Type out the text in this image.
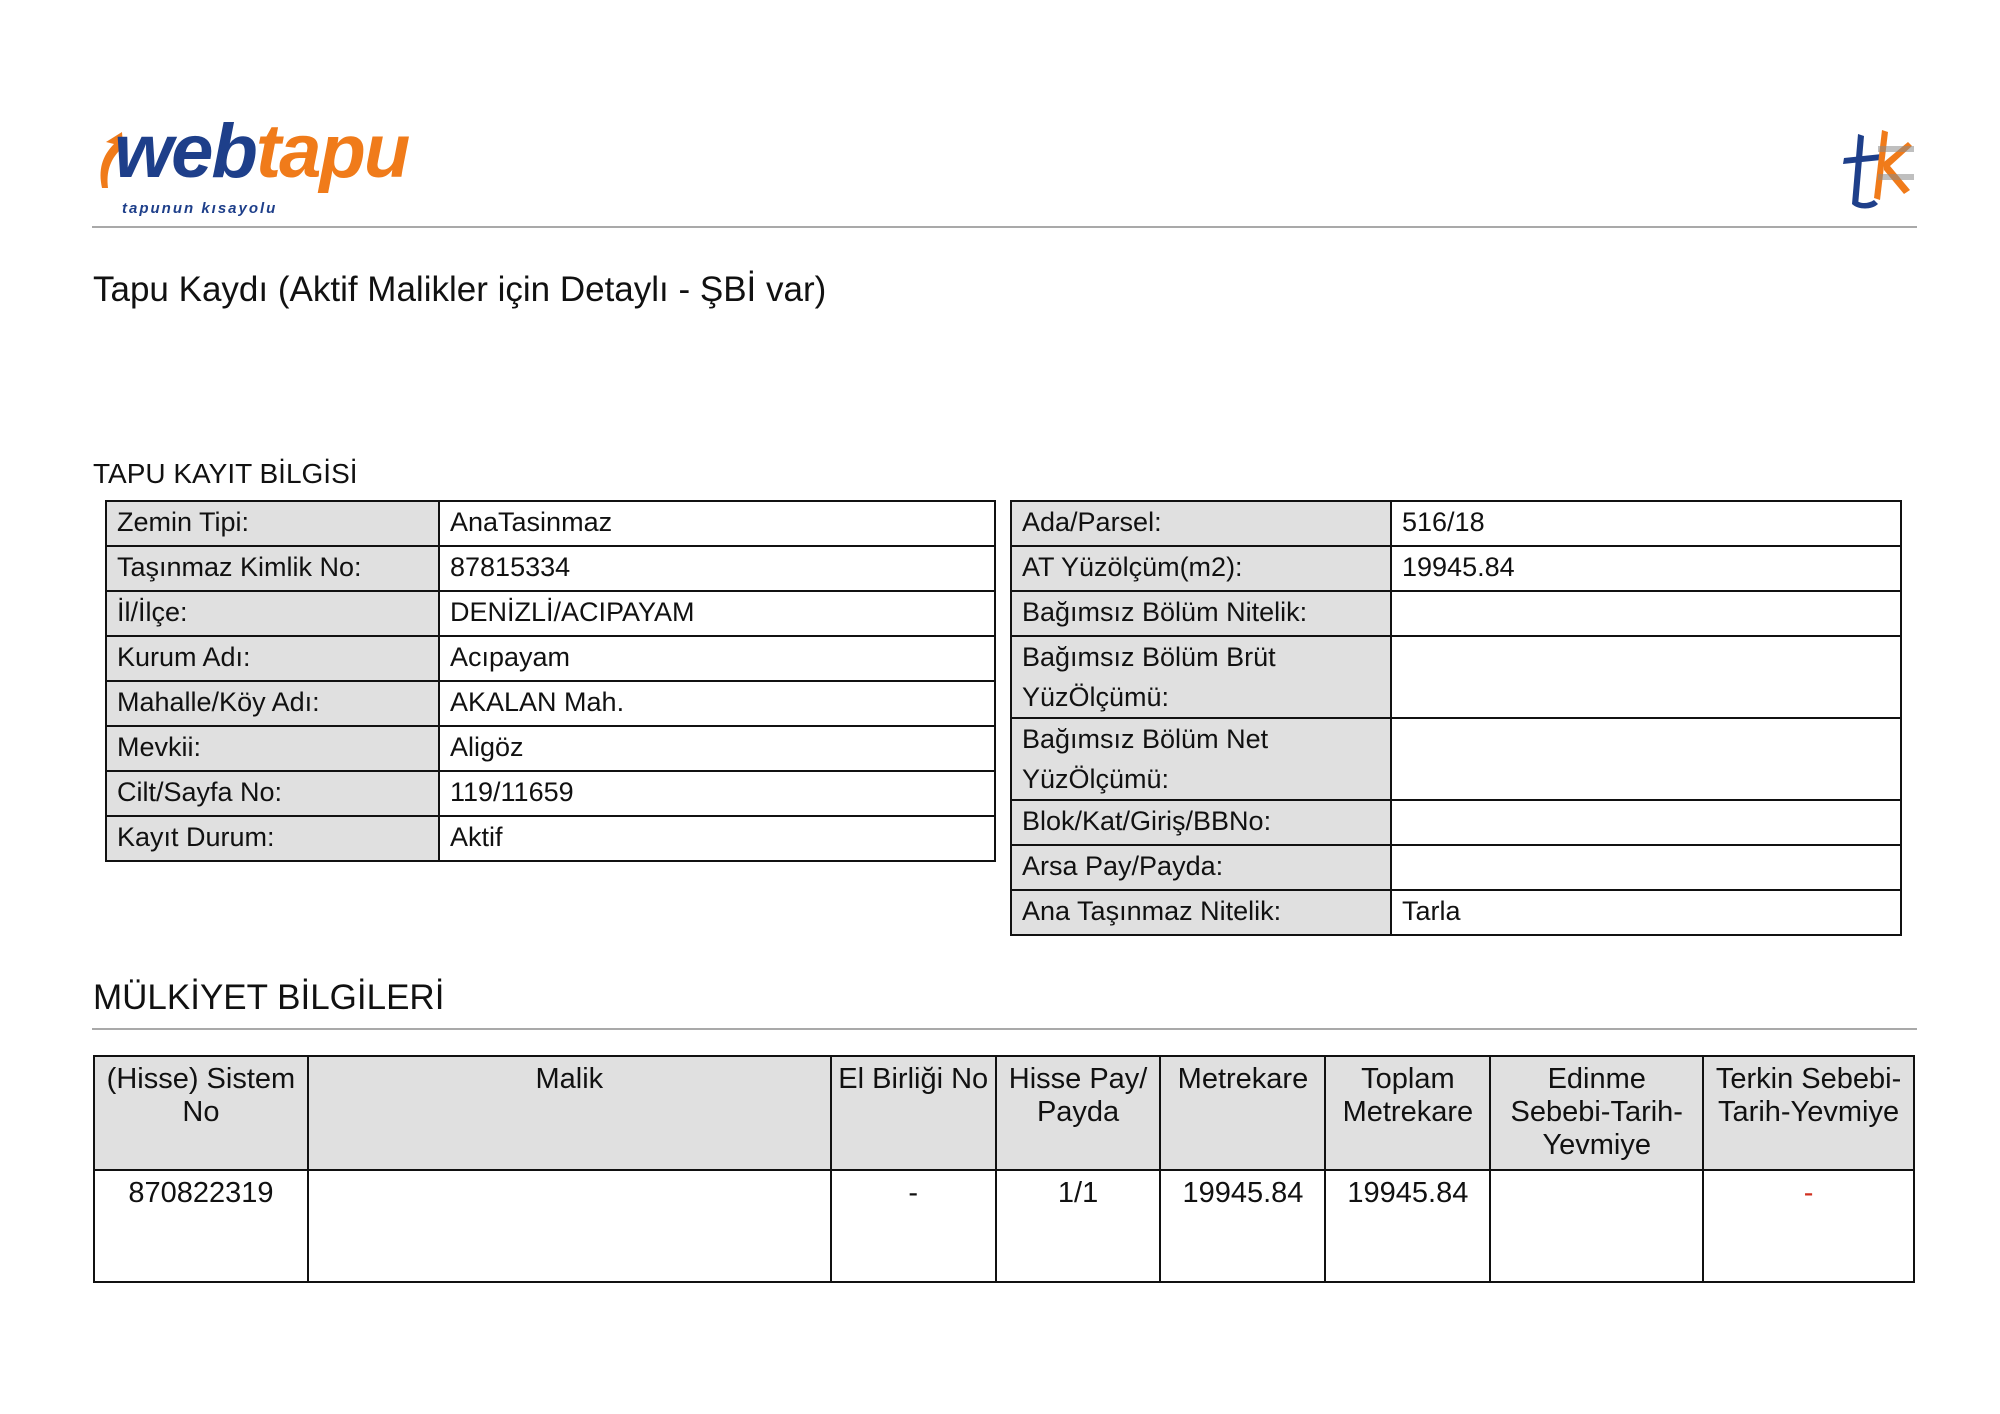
webtapu
tapunun kısayolu
Tapu Kaydı (Aktif Malikler için Detaylı - ŞBİ var)
TAPU KAYIT BİLGİSİ
Zemin Tipi:	AnaTasinmaz
Taşınmaz Kimlik No:	87815334
İl/İlçe:	DENİZLİ/ACIPAYAM
Kurum Adı:	Acıpayam
Mahalle/Köy Adı:	AKALAN Mah.
Mevkii:	Aligöz
Cilt/Sayfa No:	119/11659
Kayıt Durum:	Aktif
Ada/Parsel:	516/18
AT Yüzölçüm(m2):	19945.84
Bağımsız Bölüm Nitelik:	
Bağımsız Bölüm Brüt YüzÖlçümü:	
Bağımsız Bölüm Net YüzÖlçümü:	
Blok/Kat/Giriş/BBNo:	
Arsa Pay/Payda:	
Ana Taşınmaz Nitelik:	Tarla
MÜLKİYET BİLGİLERİ
(Hisse) Sistem No	Malik	El Birliği No	Hisse Pay/ Payda	Metrekare	Toplam Metrekare	Edinme Sebebi-Tarih-Yevmiye	Terkin Sebebi-Tarih-Yevmiye
870822319		-	1/1	19945.84	19945.84		-
